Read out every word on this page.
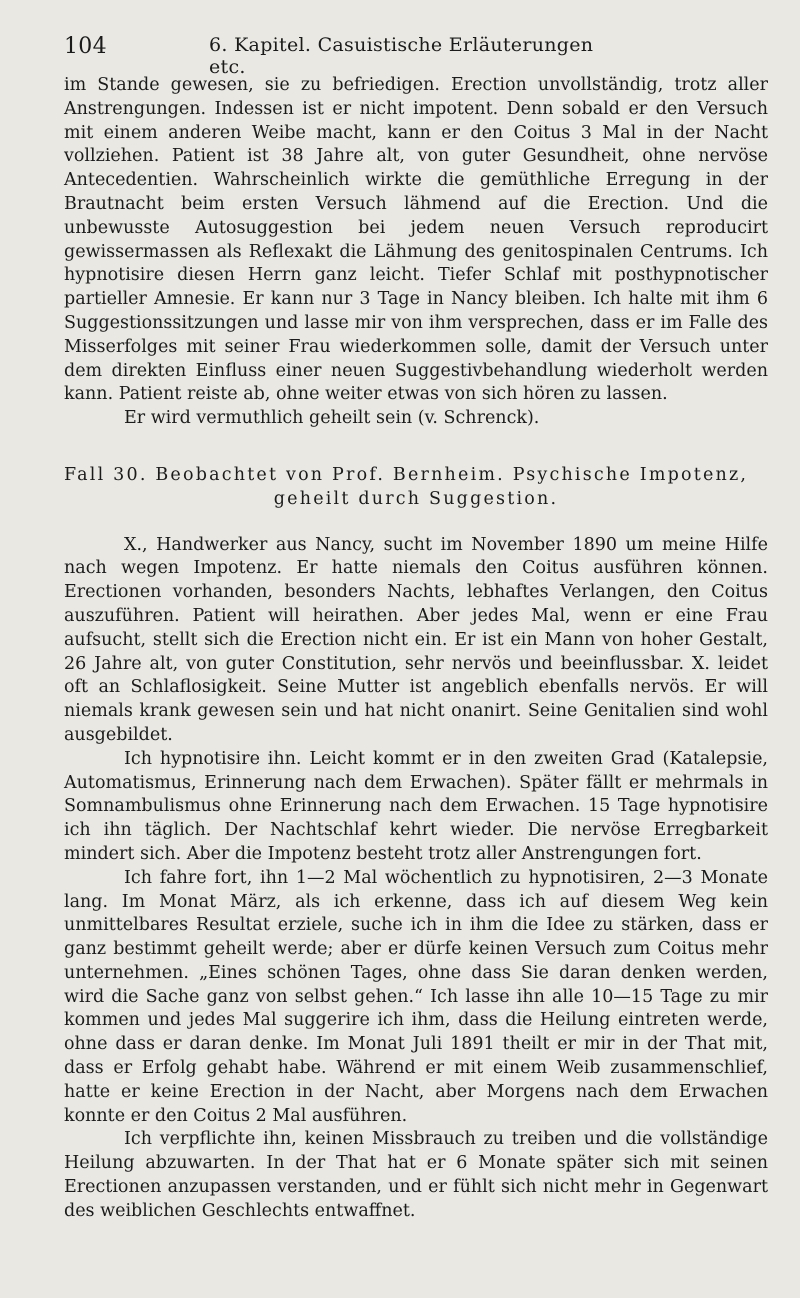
104	6. Kapitel. Casuistische Erläuterungen etc.

im Stande gewesen, sie zu befriedigen. Erection unvollständig, trotz aller Anstrengungen. Indessen ist er nicht impotent. Denn sobald er den Versuch mit einem anderen Weibe macht, kann er den Coitus 3 Mal in der Nacht vollziehen. Patient ist 38 Jahre alt, von guter Gesundheit, ohne nervöse Antecedentien. Wahrscheinlich wirkte die gemüthliche Erregung in der Brautnacht beim ersten Versuch lähmend auf die Erection. Und die unbewusste Autosuggestion bei jedem neuen Versuch reproducirt gewissermassen als Reflexakt die Lähmung des genitospinalen Centrums. Ich hypnotisire diesen Herrn ganz leicht. Tiefer Schlaf mit posthypnotischer partieller Amnesie. Er kann nur 3 Tage in Nancy bleiben. Ich halte mit ihm 6 Suggestionssitzungen und lasse mir von ihm versprechen, dass er im Falle des Misserfolges mit seiner Frau wiederkommen solle, damit der Versuch unter dem direkten Einfluss einer neuen Suggestivbehandlung wiederholt werden kann. Patient reiste ab, ohne weiter etwas von sich hören zu lassen.

Er wird vermuthlich geheilt sein (v. Schrenck).

Fall 30. Beobachtet von Prof. Bernheim. Psychische Impotenz,
geheilt durch Suggestion.

X., Handwerker aus Nancy, sucht im November 1890 um meine Hilfe nach wegen Impotenz. Er hatte niemals den Coitus ausführen können. Erectionen vorhanden, besonders Nachts, lebhaftes Verlangen, den Coitus auszuführen. Patient will heirathen. Aber jedes Mal, wenn er eine Frau aufsucht, stellt sich die Erection nicht ein. Er ist ein Mann von hoher Gestalt, 26 Jahre alt, von guter Constitution, sehr nervös und beeinflussbar. X. leidet oft an Schlaflosigkeit. Seine Mutter ist angeblich ebenfalls nervös. Er will niemals krank gewesen sein und hat nicht onanirt. Seine Genitalien sind wohl ausgebildet.

Ich hypnotisire ihn. Leicht kommt er in den zweiten Grad (Katalepsie, Automatismus, Erinnerung nach dem Erwachen). Später fällt er mehrmals in Somnambulismus ohne Erinnerung nach dem Erwachen. 15 Tage hypnotisire ich ihn täglich. Der Nachtschlaf kehrt wieder. Die nervöse Erregbarkeit mindert sich. Aber die Impotenz besteht trotz aller Anstrengungen fort.

Ich fahre fort, ihn 1—2 Mal wöchentlich zu hypnotisiren, 2—3 Monate lang. Im Monat März, als ich erkenne, dass ich auf diesem Weg kein unmittelbares Resultat erziele, suche ich in ihm die Idee zu stärken, dass er ganz bestimmt geheilt werde; aber er dürfe keinen Versuch zum Coitus mehr unternehmen. „Eines schönen Tages, ohne dass Sie daran denken werden, wird die Sache ganz von selbst gehen.“ Ich lasse ihn alle 10—15 Tage zu mir kommen und jedes Mal suggerire ich ihm, dass die Heilung eintreten werde, ohne dass er daran denke. Im Monat Juli 1891 theilt er mir in der That mit, dass er Erfolg gehabt habe. Während er mit einem Weib zusammenschlief, hatte er keine Erection in der Nacht, aber Morgens nach dem Erwachen konnte er den Coitus 2 Mal ausführen.

Ich verpflichte ihn, keinen Missbrauch zu treiben und die vollständige Heilung abzuwarten. In der That hat er 6 Monate später sich mit seinen Erectionen anzupassen verstanden, und er fühlt sich nicht mehr in Gegenwart des weiblichen Geschlechts entwaffnet.
